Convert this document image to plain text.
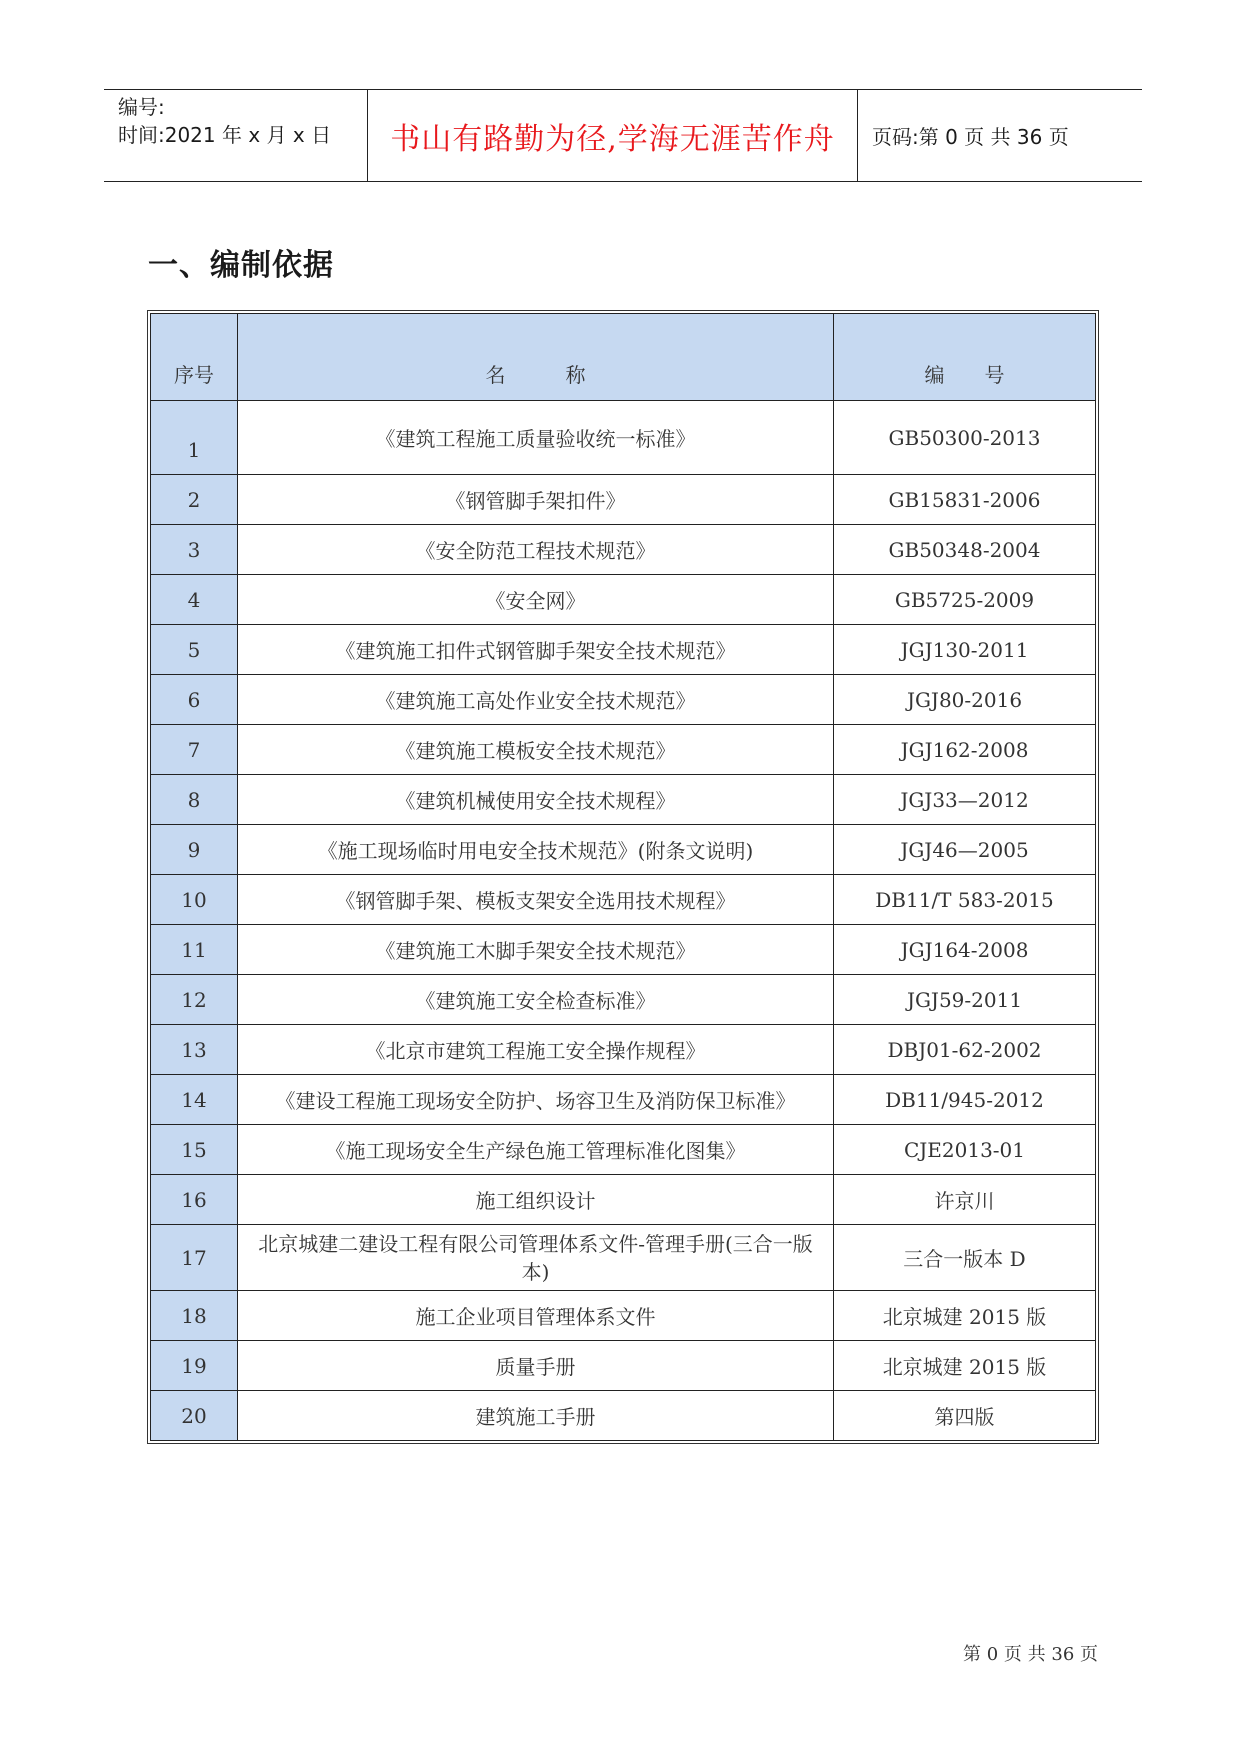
编号:
时间:2021 年 x 月 x 日	书山有路勤为径,学海无涯苦作舟	页码:第 0 页 共 36 页
一、编制依据
序号	名　　　称	编　　号
1	《建筑工程施工质量验收统一标准》	GB50300-2013
2	《钢管脚手架扣件》	GB15831-2006
3	《安全防范工程技术规范》	GB50348-2004
4	《安全网》	GB5725-2009
5	《建筑施工扣件式钢管脚手架安全技术规范》	JGJ130-2011
6	《建筑施工高处作业安全技术规范》	JGJ80-2016
7	《建筑施工模板安全技术规范》	JGJ162-2008
8	《建筑机械使用安全技术规程》	JGJ33—2012
9	《施工现场临时用电安全技术规范》(附条文说明)	JGJ46—2005
10	《钢管脚手架、模板支架安全选用技术规程》	DB11/T 583-2015
11	《建筑施工木脚手架安全技术规范》	JGJ164-2008
12	《建筑施工安全检查标准》	JGJ59-2011
13	《北京市建筑工程施工安全操作规程》	DBJ01-62-2002
14	《建设工程施工现场安全防护、场容卫生及消防保卫标准》	DB11/945-2012
15	《施工现场安全生产绿色施工管理标准化图集》	CJE2013-01
16	施工组织设计	许京川
17	北京城建二建设工程有限公司管理体系文件-管理手册(三合一版本)	三合一版本 D
18	施工企业项目管理体系文件	北京城建 2015 版
19	质量手册	北京城建 2015 版
20	建筑施工手册	第四版
第 0 页 共 36 页
